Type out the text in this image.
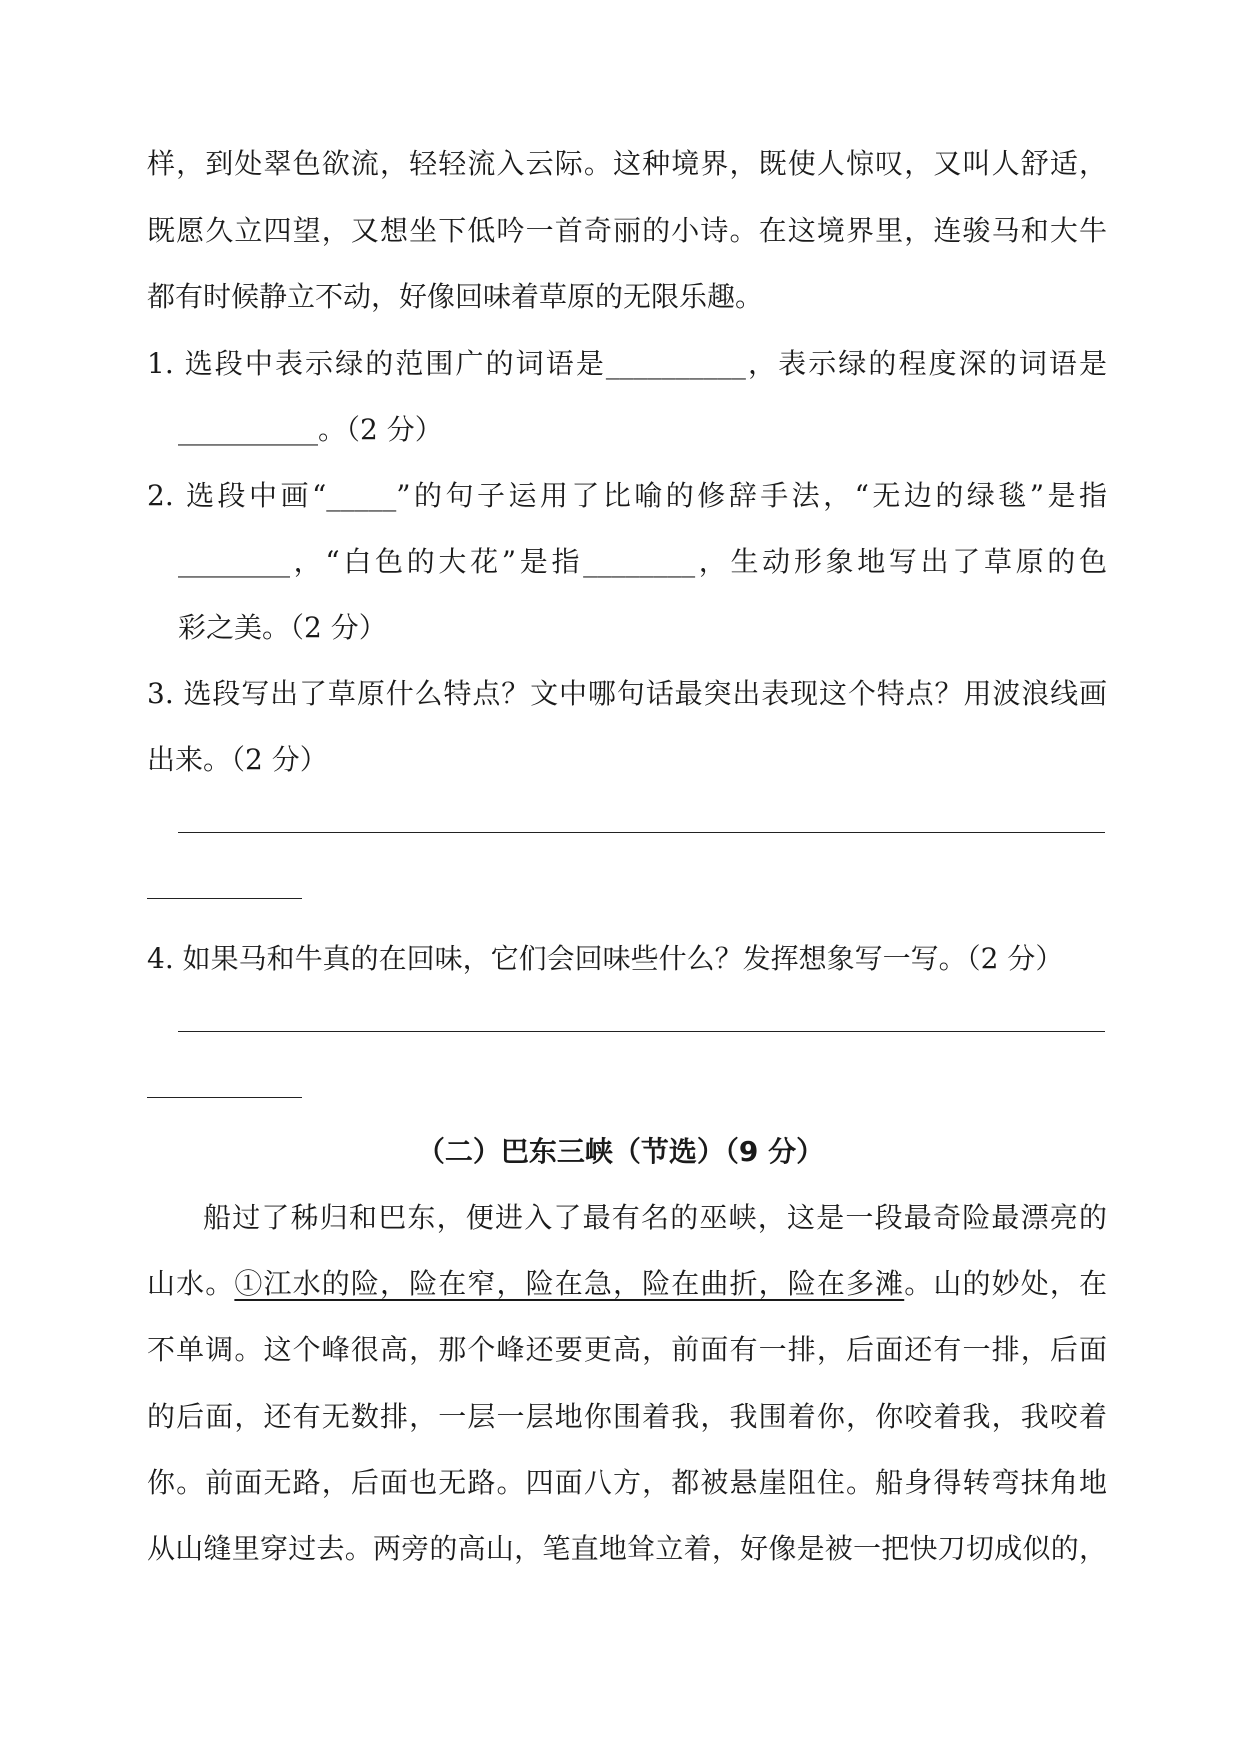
样，到处翠色欲流，轻轻流入云际。这种境界，既使人惊叹，又叫人舒适，
既愿久立四望，又想坐下低吟一首奇丽的小诗。在这境界里，连骏马和大牛
都有时候静立不动，好像回味着草原的无限乐趣。
1. 选段中表示绿的范围广的词语是__________，表示绿的程度深的词语是
__________。（2 分）
2. 选段中画“_____”的句子运用了比喻的修辞手法，“无边的绿毯”是指
________，“白色的大花”是指________，生动形象地写出了草原的色
彩之美。（2 分）
3. 选段写出了草原什么特点？文中哪句话最突出表现这个特点？用波浪线画
出来。（2 分）
4. 如果马和牛真的在回味，它们会回味些什么？发挥想象写一写。（2 分）
（二）巴东三峡（节选）（9 分）
船过了秭归和巴东，便进入了最有名的巫峡，这是一段最奇险最漂亮的
山水。①江水的险，险在窄，险在急，险在曲折，险在多滩。山的妙处，在
不单调。这个峰很高，那个峰还要更高，前面有一排，后面还有一排，后面
的后面，还有无数排，一层一层地你围着我，我围着你，你咬着我，我咬着
你。前面无路，后面也无路。四面八方，都被悬崖阻住。船身得转弯抹角地
从山缝里穿过去。两旁的高山，笔直地耸立着，好像是被一把快刀切成似的，
